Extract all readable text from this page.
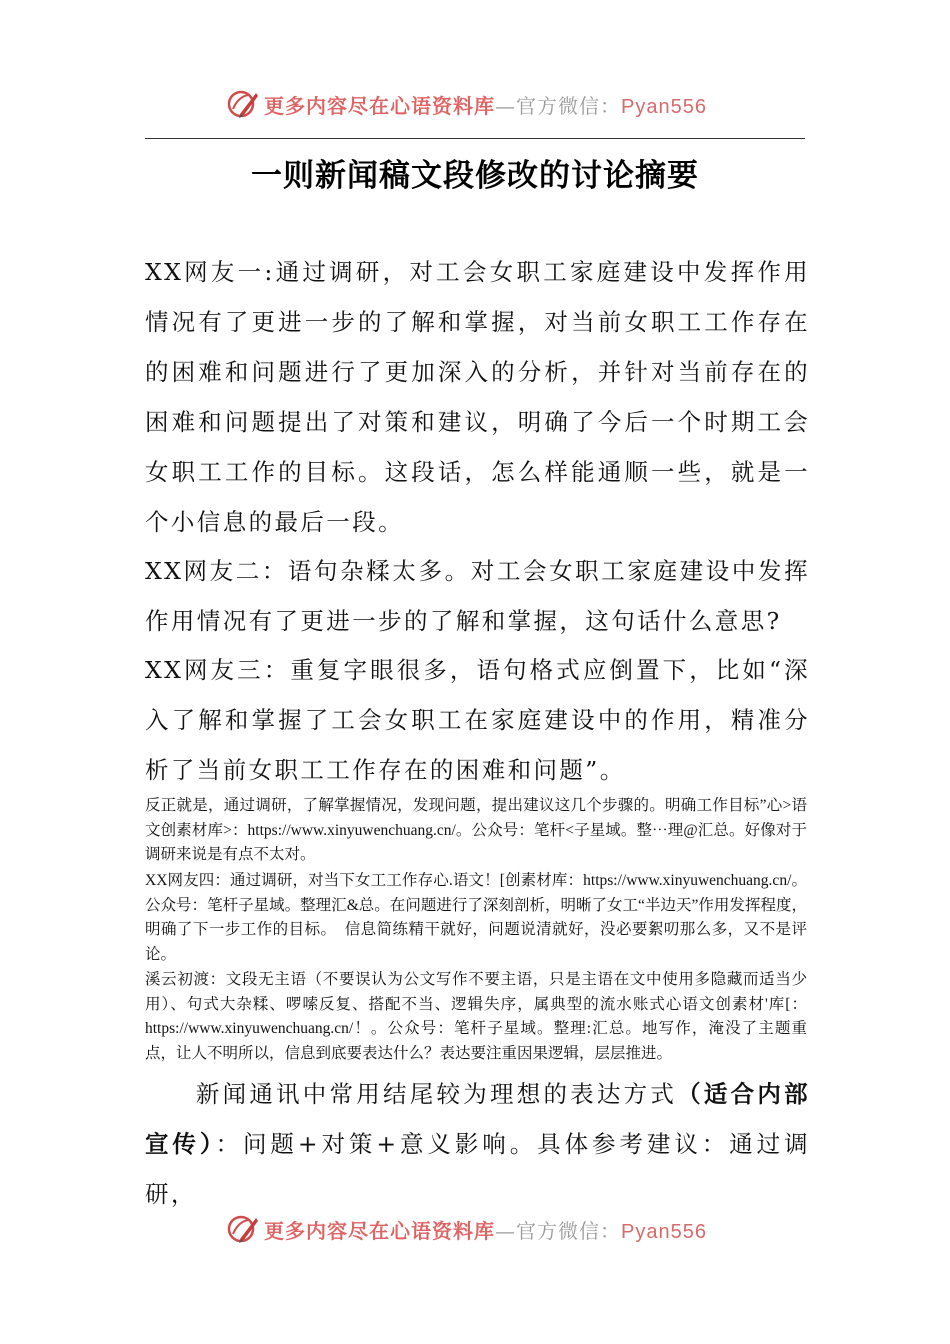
更多内容尽在心语资料库—官方微信：Pyan556
一则新闻稿文段修改的讨论摘要
XX网友一:通过调研，对工会女职工家庭建设中发挥作用情况有了更进一步的了解和掌握，对当前女职工工作存在的困难和问题进行了更加深入的分析，并针对当前存在的困难和问题提出了对策和建议，明确了今后一个时期工会女职工工作的目标。这段话，怎么样能通顺一些，就是一个小信息的最后一段。
XX网友二：语句杂糅太多。对工会女职工家庭建设中发挥作用情况有了更进一步的了解和掌握，这句话什么意思?
XX网友三：重复字眼很多，语句格式应倒置下，比如“深入了解和掌握了工会女职工在家庭建设中的作用，精准分析了当前女职工工作存在的困难和问题”。
反正就是，通过调研，了解掌握情况，发现问题，提出建议这几个步骤的。明确工作目标”心>语文创素材库>：https://www.xinyuwenchuang.cn/。公众号：笔杆<子星域。整⋯理@汇总。好像对于调研来说是有点不太对。
XX网友四：通过调研，对当下女工工作存心.语文！[创素材库：https://www.xinyuwenchuang.cn/。公众号：笔杆子星域。整理汇&总。在问题进行了深刻剖析，明晰了女工“半边天”作用发挥程度，明确了下一步工作的目标。　信息简练精干就好，问题说清就好，没必要絮叨那么多，又不是评论。
溪云初渡：文段无主语（不要误认为公文写作不要主语，只是主语在文中使用多隐藏而适当少用）、句式大杂糅、啰嗦反复、搭配不当、逻辑失序，属典型的流水账式心语文创素材'库[：https://www.xinyuwenchuang.cn/！。公众号：笔杆子星域。整理:汇总。地写作，淹没了主题重点，让人不明所以，信息到底要表达什么？表达要注重因果逻辑，层层推进。
新闻通讯中常用结尾较为理想的表达方式（适合内部宣传）：问题+对策+意义影响。具体参考建议：通过调研，
更多内容尽在心语资料库—官方微信：Pyan556
